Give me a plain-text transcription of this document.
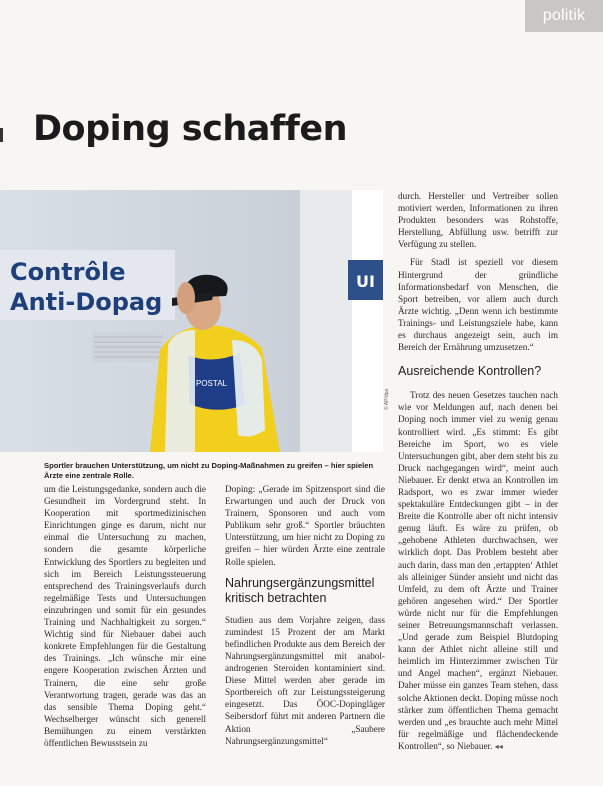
politik
Doping schaffen
UI
Contrôle
Anti-Dopag
POSTAL
© AP/dpa
Sportler brauchen Unterstützung, um nicht zu Doping-Maßnahmen zu greifen – hier spielen Ärzte eine zentrale Rolle.

um die Leistungsgedanke, sondern auch die Gesundheit im Vordergrund steht. In Kooperation mit sportmedizinischen Einrichtungen ginge es darum, nicht nur einmal die Untersuchung zu machen, sondern die gesamte körperliche Entwicklung des Sportlers zu begleiten und sich im Bereich Leistungssteuerung entsprechend des Trainingsverlaufs durch regelmäßige Tests und Untersuchungen einzubringen und somit für ein gesundes Training und Nachhaltigkeit zu sorgen.“ Wichtig sind für Niebauer dabei auch konkrete Empfehlungen für die Gestaltung des Trainings. „Ich wünsche mir eine engere Kooperation zwischen Ärzten und Trainern, die eine sehr große Verantwortung tragen, gerade was das an das sensible Thema Doping geht.“ Wechselberger wünscht sich generell Bemühungen zu einem verstärkten öffentlichen Bewusstsein zu

Doping: „Gerade im Spitzensport sind die Erwartungen und auch der Druck von Trainern, Sponsoren und auch vom Publikum sehr groß.“ Sportler bräuchten Unterstützung, um hier nicht zu Doping zu greifen – hier würden Ärzte eine zentrale Rolle spielen.

Nahrungsergänzungsmittel kritisch betrachten

Studien aus dem Vorjahre zeigen, dass zumindest 15 Prozent der am Markt befindlichen Produkte aus dem Bereich der Nahrungsergänzungsmittel mit anabol-androgenen Steroiden kontaminiert sind. Diese Mittel werden aber gerade im Sportbereich oft zur Leistungssteigerung eingesetzt. Das ÖOC-Dopingläger Seibersdorf führt mit anderen Partnern die Aktion „Saubere Nahrungsergänzungsmittel“

durch. Hersteller und Vertreiber sollen motiviert werden, Informationen zu ihren Produkten besonders was Rohstoffe, Herstellung, Abfüllung usw. betrifft zur Verfügung zu stellen.

Für Stadl ist speziell vor diesem Hintergrund der gründliche Informationsbedarf von Menschen, die Sport betreiben, vor allem auch durch Ärzte wichtig. „Denn wenn ich bestimmte Trainings- und Leistungsziele habe, kann es durchaus angezeigt sein, auch im Bereich der Ernährung umzusetzen.“

Ausreichende Kontrollen?

Trotz des neuen Gesetzes tauchen nach wie vor Meldungen auf, nach denen bei Doping noch immer viel zu wenig genau kontrolliert wird. „Es stimmt: Es gibt Bereiche im Sport, wo es viele Untersuchungen gibt, aber dem steht bis zu Druck nachgegangen wird“, meint auch Niebauer. Er denkt etwa an Kontrollen im Radsport, wo es zwar immer wieder spektakuläre Entdeckungen gibt – in der Breite die Kontrolle aber oft nicht intensiv genug läuft. Es wäre zu prüfen, ob „gehobene Athleten durchwachsen, wer wirklich dopt. Das Problem besteht aber auch darin, dass man den ‚ertappten‘ Athlet als alleiniger Sünder ansieht und nicht das Umfeld, zu dem oft Ärzte und Trainer gehören angesehen wird.“ Der Sportler würde nicht nur für die Empfehlungen seiner Betreuungsmannschaft verlassen. „Und gerade zum Beispiel Blutdoping kann der Athlet nicht alleine still und heimlich im Hinterzimmer zwischen Tür und Angel machen“, ergänzt Niebauer. Daher müsse ein ganzes Team stehen, dass solche Aktionen deckt. Doping müsse noch stärker zum öffentlichen Thema gemacht werden und „es brauchte auch mehr Mittel für regelmäßige und flächendeckende Kontrollen“, so Niebauer. ◂◂
